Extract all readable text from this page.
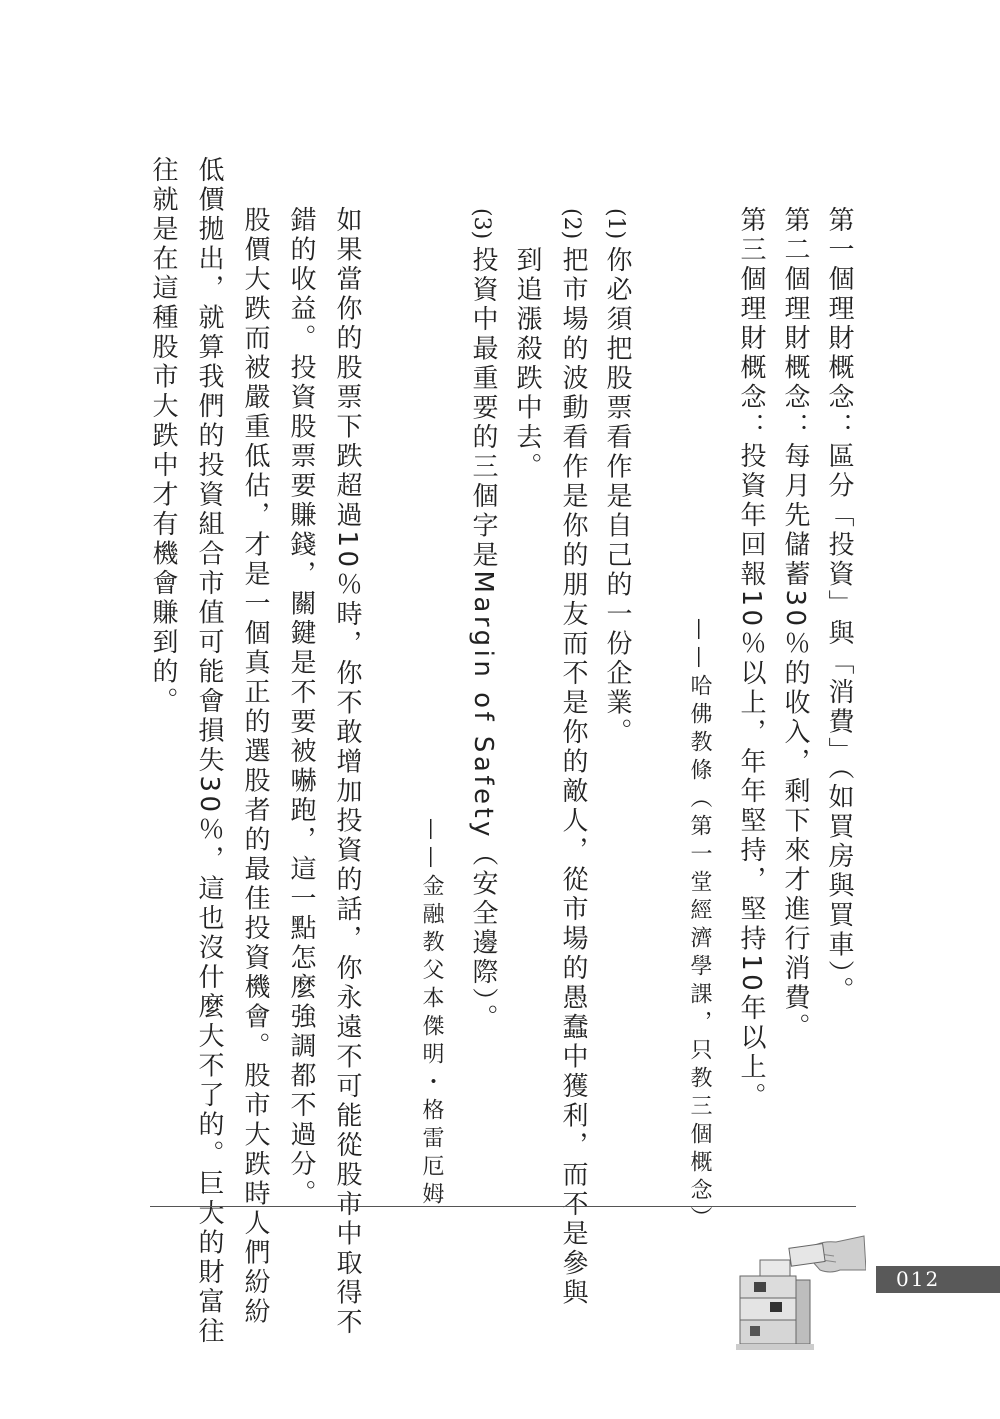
第一個理財概念：區分「投資」與「消費」（如買房與買車）。

第二個理財概念：每月先儲蓄30％的收入，剩下來才進行消費。

第三個理財概念：投資年回報10％以上，年年堅持，堅持10年以上。

——哈佛教條（第一堂經濟學課，只教三個概念）
(1)

你必須把股票看作是自己的一份企業。

(2)

把市場的波動看作是你的朋友而不是你的敵人，從市場的愚蠢中獲利，而不是參與

到追漲殺跌中去。

(3)

投資中最重要的三個字是Margin of Safety（安全邊際）。

——金融教父本傑明・格雷厄姆

如果當你的股票下跌超過10％時，你不敢增加投資的話，你永遠不可能從股市中取得不

錯的收益。投資股票要賺錢，關鍵是不要被嚇跑，這一點怎麼強調都不過分。

股價大跌而被嚴重低估，才是一個真正的選股者的最佳投資機會。股市大跌時人們紛紛

低價拋出，就算我們的投資組合市值可能會損失30％，這也沒什麼大不了的。巨大的財富往

往就是在這種股市大跌中才有機會賺到的。

012
